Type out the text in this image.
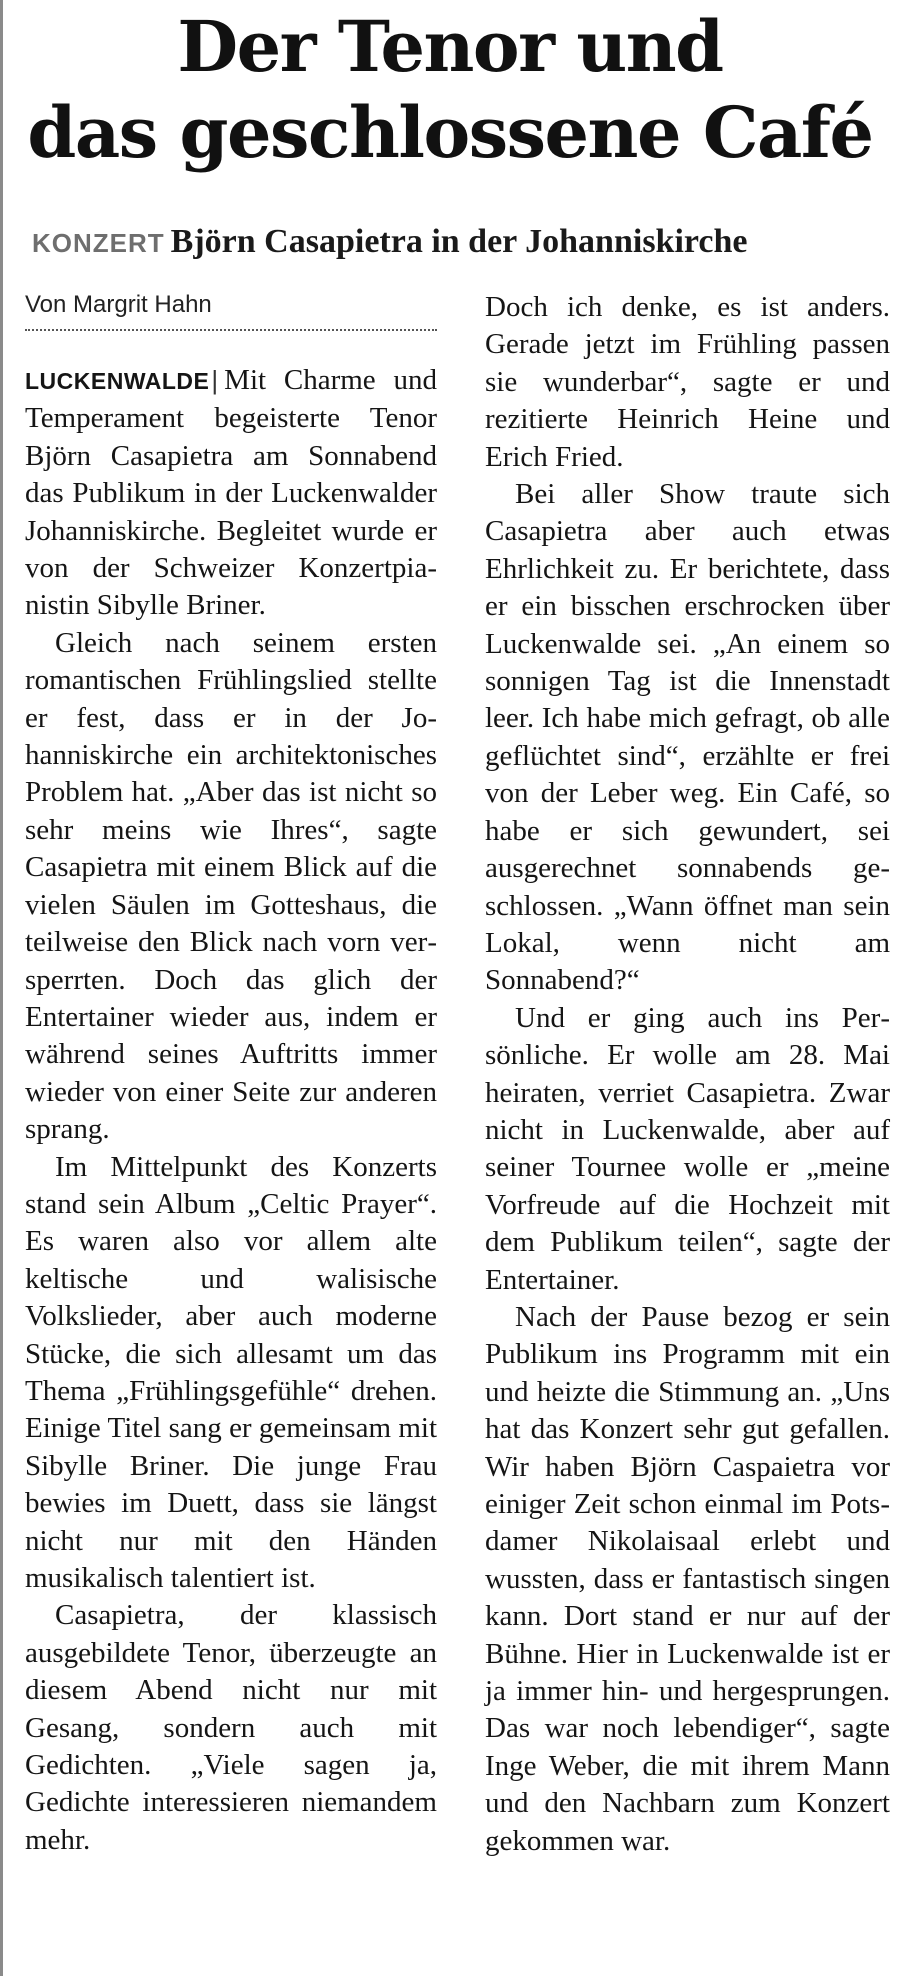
Der Tenor und
das geschlossene Café
KONZERT Björn Casapietra in der Johanniskirche
Von Margrit Hahn

LUCKENWALDE| Mit Charme und Temperament begeisterte Tenor Björn Casapietra am Sonnabend das Publikum in der Luckenwalder Johanniskirche. Begleitet wurde er von der Schweizer Konzertpianistin Sibylle Briner.

Gleich nach seinem ersten romantischen Frühlingslied stellte er fest, dass er in der Johanniskirche ein architektonisches Problem hat. „Aber das ist nicht so sehr meins wie Ihres“, sagte Casapietra mit einem Blick auf die vielen Säulen im Gotteshaus, die teilweise den Blick nach vorn versperrten. Doch das glich der Entertainer wieder aus, indem er während seines Auftritts immer wieder von einer Seite zur anderen sprang.

Im Mittelpunkt des Konzerts stand sein Album „Celtic Prayer“. Es waren also vor allem alte keltische und walisische Volkslieder, aber auch moderne Stücke, die sich allesamt um das Thema „Frühlingsgefühle“ drehen. Einige Titel sang er gemeinsam mit Sibylle Briner. Die junge Frau bewies im Duett, dass sie längst nicht nur mit den Händen musikalisch talentiert ist.

Casapietra, der klassisch ausgebildete Tenor, überzeugte an diesem Abend nicht nur mit Gesang, sondern auch mit Gedichten. „Viele sagen ja, Gedichte interessieren niemandem mehr.

Doch ich denke, es ist anders. Gerade jetzt im Frühling passen sie wunderbar“, sagte er und rezitierte Heinrich Heine und Erich Fried.

Bei aller Show traute sich Casapietra aber auch etwas Ehrlichkeit zu. Er berichtete, dass er ein bisschen erschrocken über Luckenwalde sei. „An einem so sonnigen Tag ist die Innenstadt leer. Ich habe mich gefragt, ob alle geflüchtet sind“, erzählte er frei von der Leber weg. Ein Café, so habe er sich gewundert, sei ausgerechnet sonnabends geschlossen. „Wann öffnet man sein Lokal, wenn nicht am Sonnabend?“

Und er ging auch ins Persönliche. Er wolle am 28. Mai heiraten, verriet Casapietra. Zwar nicht in Luckenwalde, aber auf seiner Tournee wolle er „meine Vorfreude auf die Hochzeit mit dem Publikum teilen“, sagte der Entertainer.

Nach der Pause bezog er sein Publikum ins Programm mit ein und heizte die Stimmung an. „Uns hat das Konzert sehr gut gefallen. Wir haben Björn Caspaietra vor einiger Zeit schon einmal im Potsdamer Nikolaisaal erlebt und wussten, dass er fantastisch singen kann. Dort stand er nur auf der Bühne. Hier in Luckenwalde ist er ja immer hin- und hergesprungen. Das war noch lebendiger“, sagte Inge Weber, die mit ihrem Mann und den Nachbarn zum Konzert gekommen war.
